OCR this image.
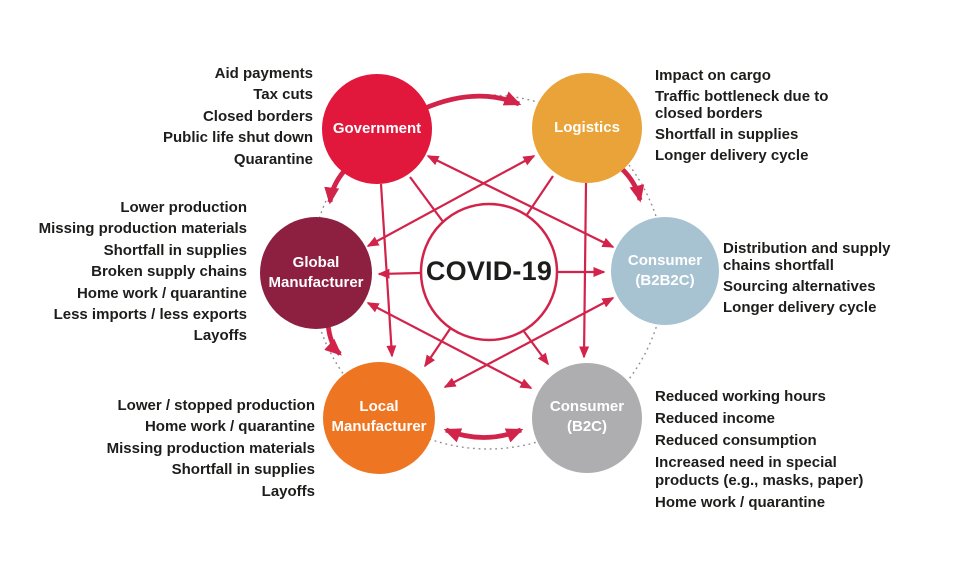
Government	Logistics
Global
Manufacturer
Consumer
(B2B2C)
Local
Manufacturer
Consumer
(B2C)
COVID-19
Aid payments
Tax cuts
Closed borders
Public life shut down
Quarantine
Impact on cargo
Traffic bottleneck due to closed borders
Shortfall in supplies
Longer delivery cycle
Lower production
Missing production materials
Shortfall in supplies
Broken supply chains
Home work / quarantine
Less imports / less exports
Layoffs
Distribution and supply chains shortfall
Sourcing alternatives
Longer delivery cycle
Lower / stopped production
Home work / quarantine
Missing production materials
Shortfall in supplies
Layoffs
Reduced working hours
Reduced income
Reduced consumption
Increased need in special products (e.g., masks, paper)
Home work / quarantine
